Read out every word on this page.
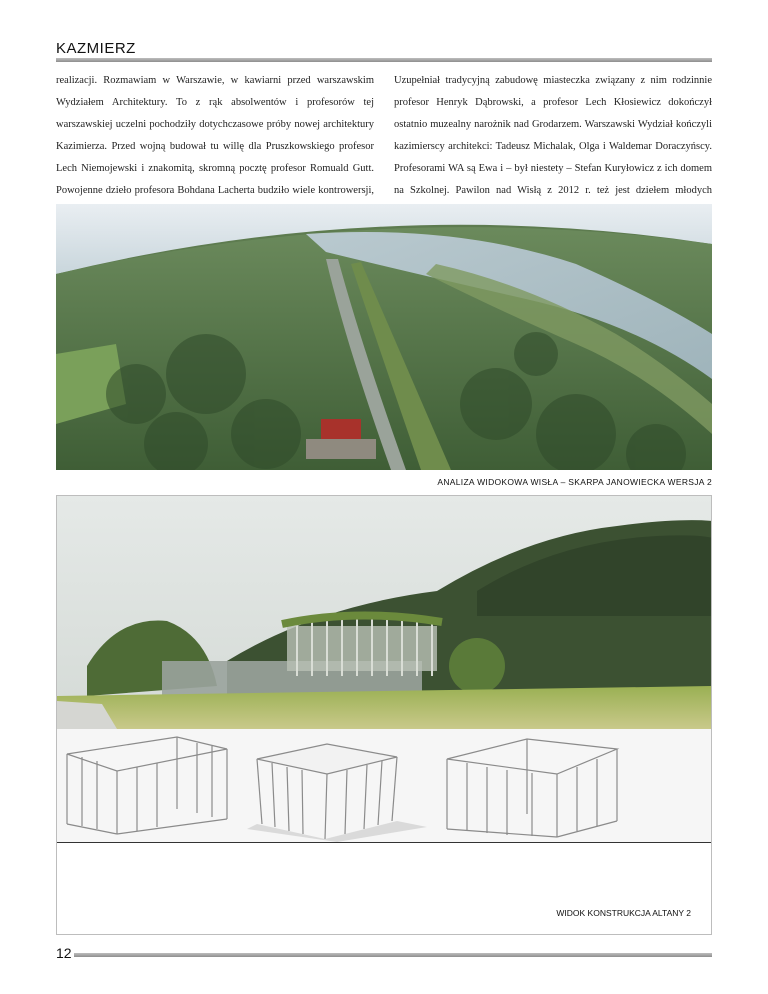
KAZMIERZ

realizacji. Rozmawiam w Warszawie, w kawiarni przed warszawskim Wydziałem Architektury. To z rąk absolwentów i profesorów tej warszawskiej uczelni pochodziły dotychczasowe próby nowej architektury Kazimierza. Przed wojną budował tu willę dla Pruszkowskiego profesor Lech Niemojewski i znakomitą, skromną pocztę profesor Romuald Gutt. Powojenne dzieło profesora Bohdana Lacherta budziło wiele kontrowersji,

Uzupełniał tradycyjną zabudowę miasteczka związany z nim rodzinnie profesor Henryk Dąbrowski, a profesor Lech Kłosiewicz dokończył ostatnio muzealny narożnik nad Grodarzem. Warszawski Wydział kończyli kazimierscy architekci: Tadeusz Michalak, Olga i Waldemar Doraczyńscy. Profesorami WA są Ewa i – był niestety – Stefan Kuryłowicz z ich domem na Szkolnej. Pawilon nad Wisłą z 2012 r. też jest dziełem młodych

ANALIZA WIDOKOWA WISŁA – SKARPA JANOWIECKA WERSJA 2
WIDOK KONSTRUKCJA ALTANY 2
12
